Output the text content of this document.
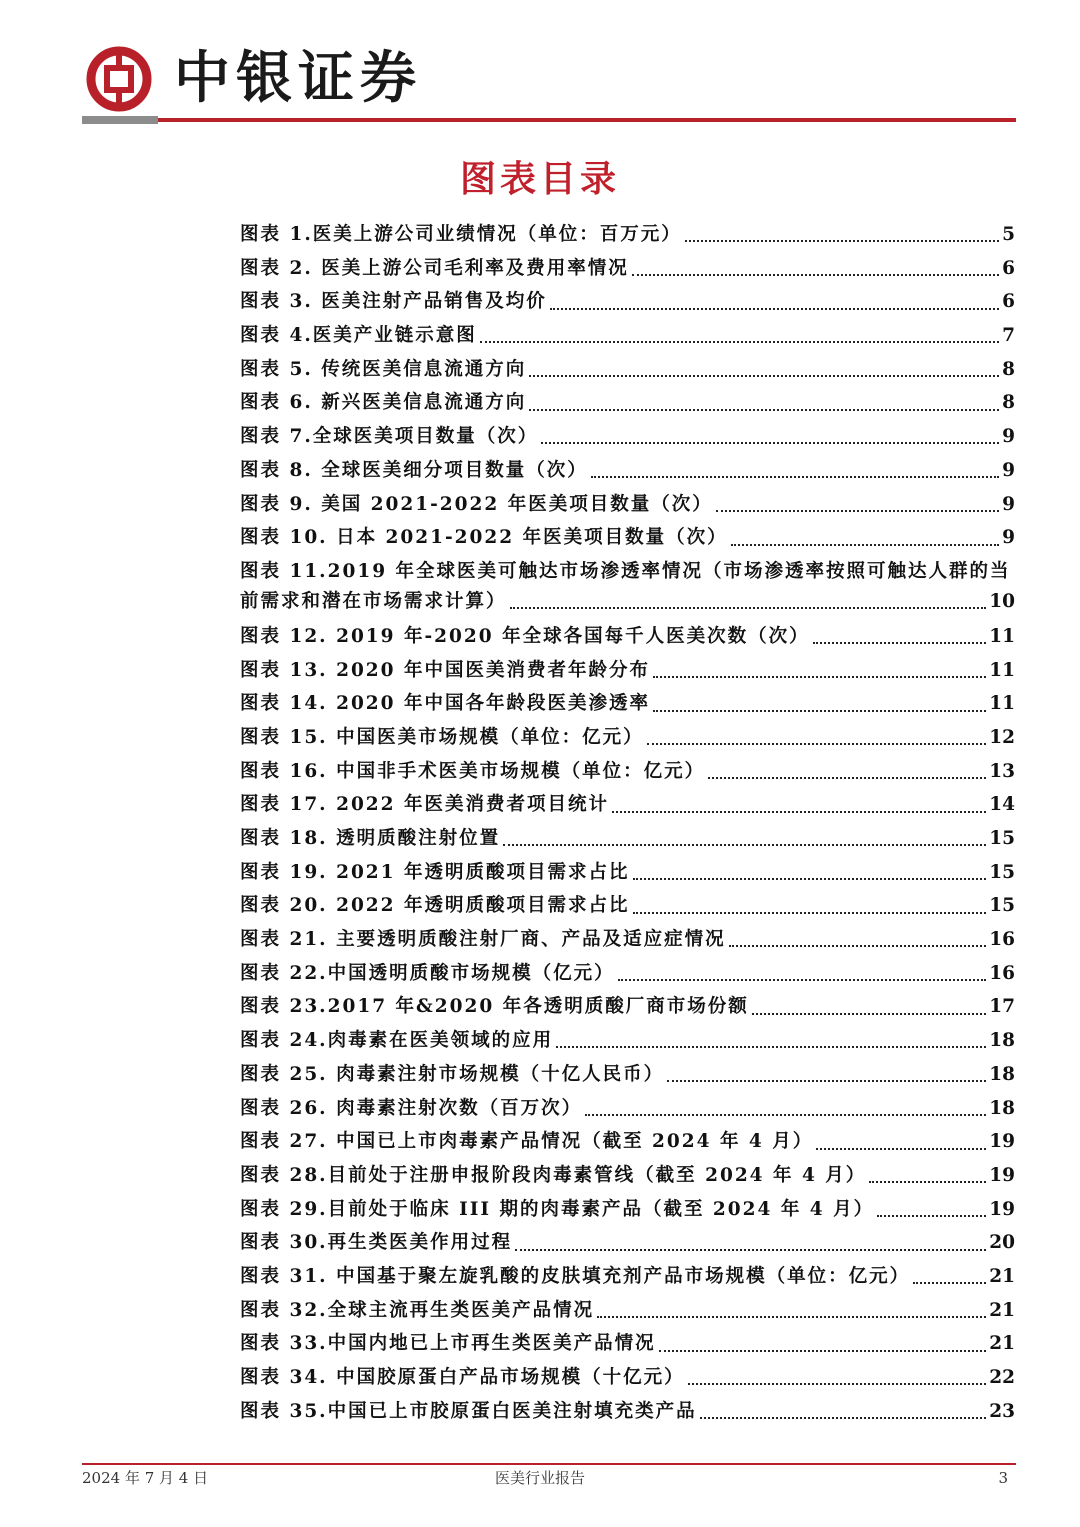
中银证券
图表目录
图表 1.医美上游公司业绩情况（单位：百万元）	5
图表 2. 医美上游公司毛利率及费用率情况	6
图表 3. 医美注射产品销售及均价	6
图表 4.医美产业链示意图	7
图表 5. 传统医美信息流通方向	8
图表 6. 新兴医美信息流通方向	8
图表 7.全球医美项目数量（次）	9
图表 8. 全球医美细分项目数量（次）	9
图表 9. 美国 2021-2022 年医美项目数量（次）	9
图表 10. 日本 2021-2022 年医美项目数量（次）	9
图表 11.2019 年全球医美可触达市场渗透率情况（市场渗透率按照可触达人群的当
前需求和潜在市场需求计算）	10
图表 12. 2019 年-2020 年全球各国每千人医美次数（次）	11
图表 13. 2020 年中国医美消费者年龄分布	11
图表 14. 2020 年中国各年龄段医美渗透率	11
图表 15. 中国医美市场规模（单位：亿元）	12
图表 16. 中国非手术医美市场规模（单位：亿元）	13
图表 17. 2022 年医美消费者项目统计	14
图表 18. 透明质酸注射位置	15
图表 19. 2021 年透明质酸项目需求占比	15
图表 20. 2022 年透明质酸项目需求占比	15
图表 21. 主要透明质酸注射厂商、产品及适应症情况	16
图表 22.中国透明质酸市场规模（亿元）	16
图表 23.2017 年&2020 年各透明质酸厂商市场份额	17
图表 24.肉毒素在医美领域的应用	18
图表 25. 肉毒素注射市场规模（十亿人民币）	18
图表 26. 肉毒素注射次数（百万次）	18
图表 27. 中国已上市肉毒素产品情况（截至 2024 年 4 月）	19
图表 28.目前处于注册申报阶段肉毒素管线（截至 2024 年 4 月）	19
图表 29.目前处于临床 III 期的肉毒素产品（截至 2024 年 4 月）	19
图表 30.再生类医美作用过程	20
图表 31. 中国基于聚左旋乳酸的皮肤填充剂产品市场规模（单位：亿元）	21
图表 32.全球主流再生类医美产品情况	21
图表 33.中国内地已上市再生类医美产品情况	21
图表 34. 中国胶原蛋白产品市场规模（十亿元）	22
图表 35.中国已上市胶原蛋白医美注射填充类产品	23
2024 年 7 月 4 日	医美行业报告	3
